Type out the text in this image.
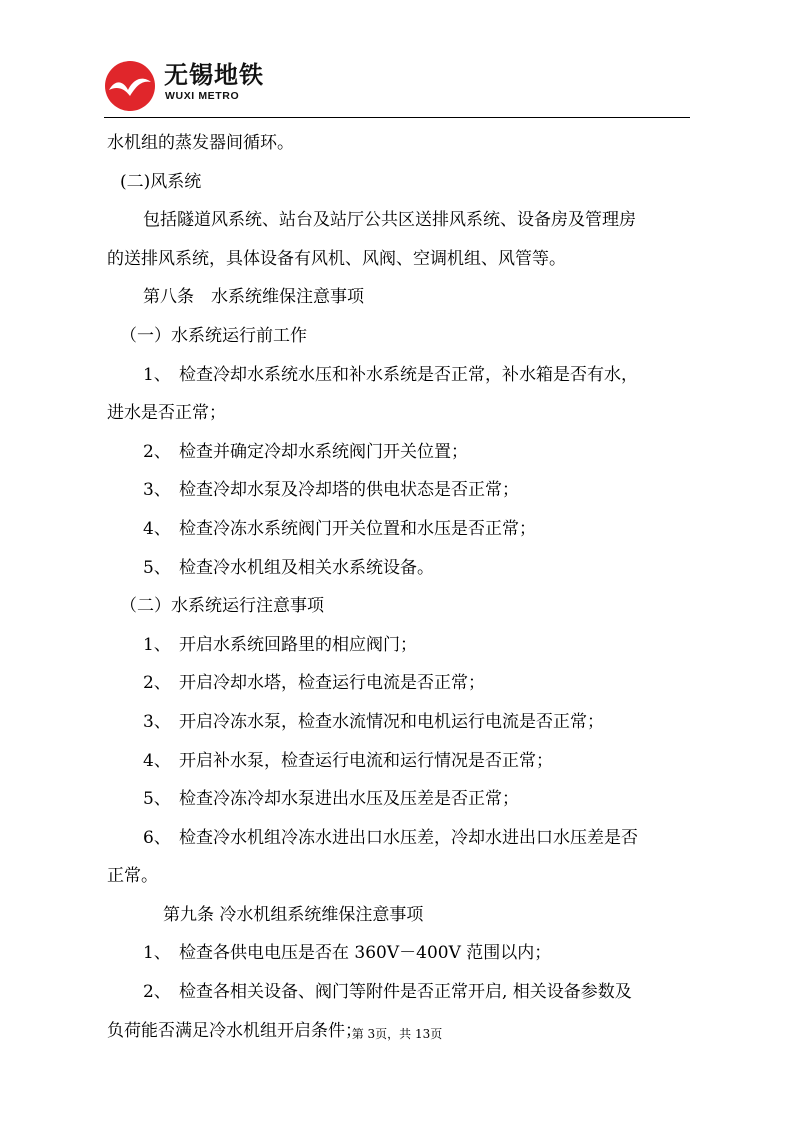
无锡地铁
WUXI METRO
水机组的蒸发器间循环。
(二)风系统
包括隧道风系统、站台及站厅公共区送排风系统、设备房及管理房
的送排风系统，具体设备有风机、风阀、空调机组、风管等。
第八条　水系统维保注意事项
（一）水系统运行前工作
1、 检查冷却水系统水压和补水系统是否正常，补水箱是否有水，
进水是否正常；
2、 检查并确定冷却水系统阀门开关位置；
3、 检查冷却水泵及冷却塔的供电状态是否正常；
4、 检查冷冻水系统阀门开关位置和水压是否正常；
5、 检查冷水机组及相关水系统设备。
（二）水系统运行注意事项
1、 开启水系统回路里的相应阀门；
2、 开启冷却水塔，检查运行电流是否正常；
3、 开启冷冻水泵，检查水流情况和电机运行电流是否正常；
4、 开启补水泵，检查运行电流和运行情况是否正常；
5、 检查冷冻冷却水泵进出水压及压差是否正常；
6、 检查冷水机组冷冻水进出口水压差，冷却水进出口水压差是否
正常。
第九条 冷水机组系统维保注意事项
1、 检查各供电电压是否在 360V－400V 范围以内；
2、 检查各相关设备、阀门等附件是否正常开启, 相关设备参数及
负荷能否满足冷水机组开启条件；
第 3页，共 13页
